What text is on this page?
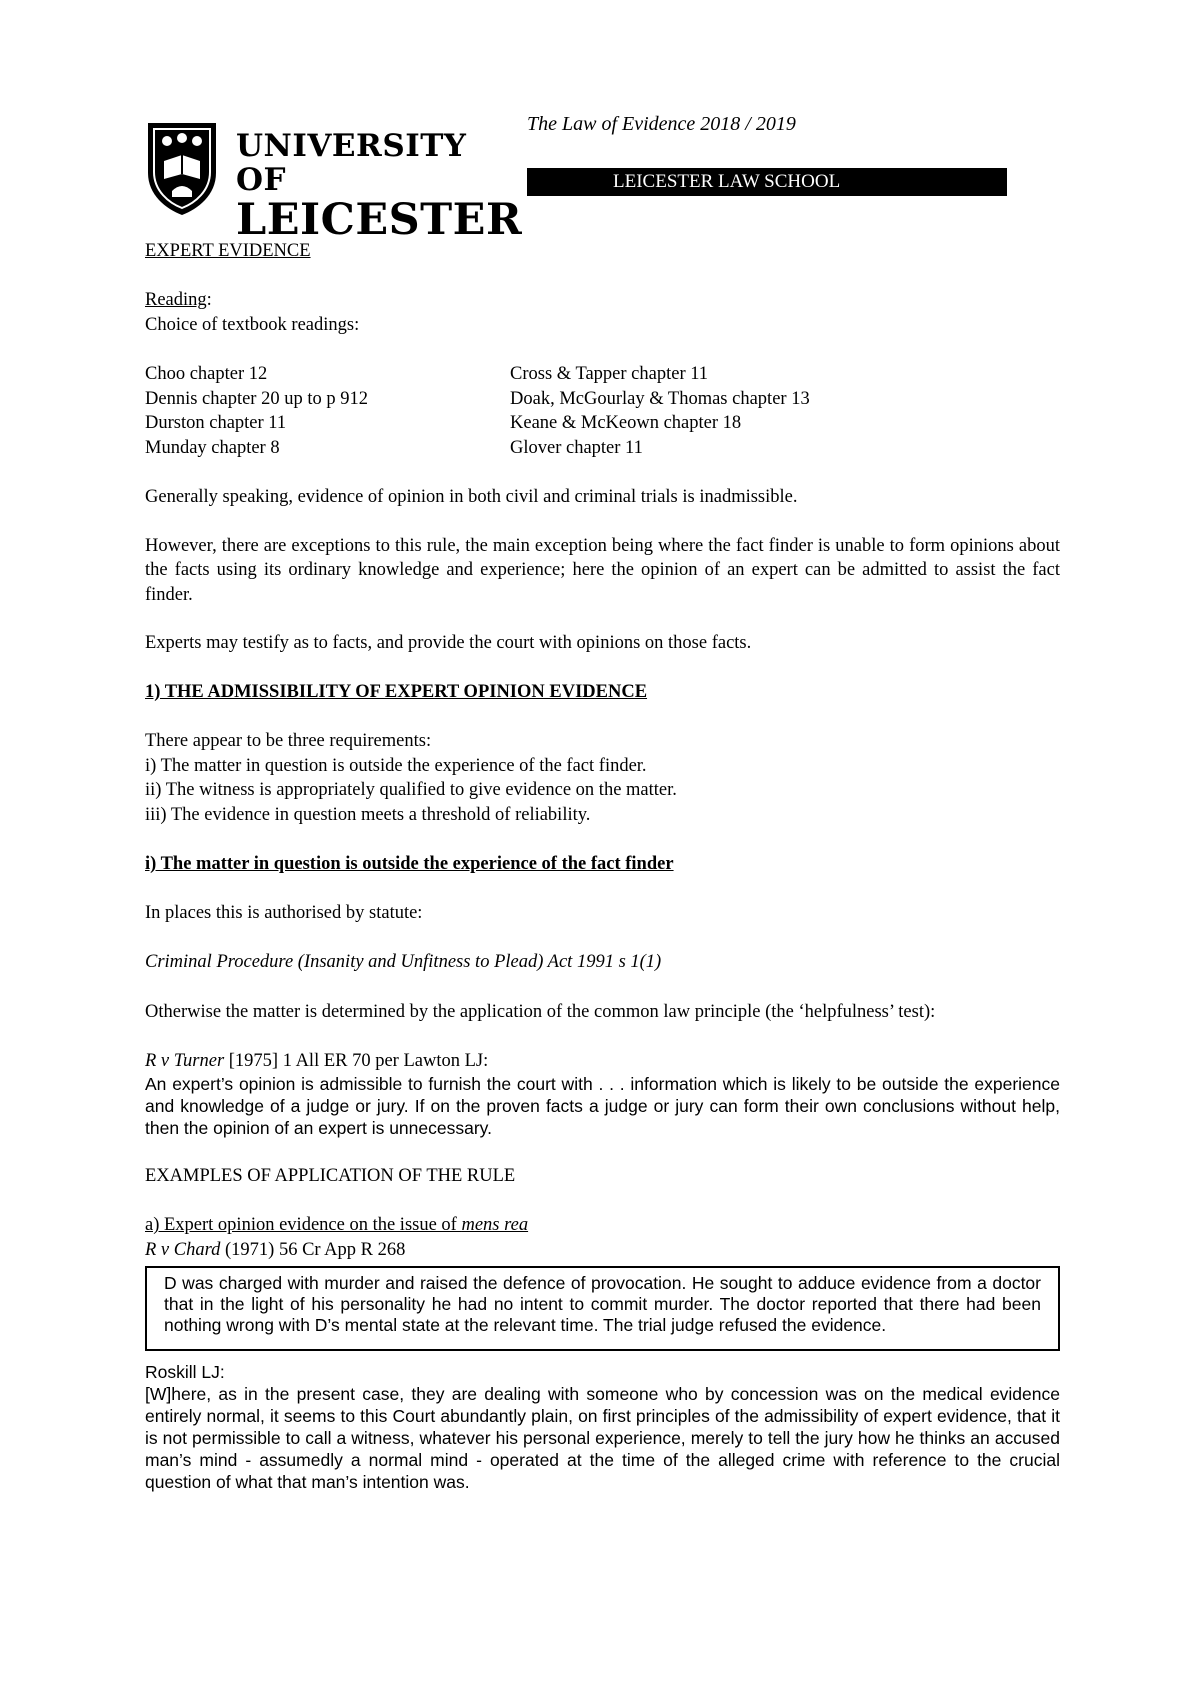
UNIVERSITY OF
LEICESTER
The Law of Evidence 2018 / 2019
LEICESTER LAW SCHOOL

EXPERT EVIDENCE

Reading:

Choice of textbook readings:

Choo chapter 12	Cross & Tapper chapter 11

Dennis chapter 20 up to p 912	Doak, McGourlay & Thomas chapter 13

Durston chapter 11	Keane & McKeown chapter 18

Munday chapter 8	Glover chapter 11

Generally speaking, evidence of opinion in both civil and criminal trials is inadmissible.

However, there are exceptions to this rule, the main exception being where the fact finder is unable to form opinions about the facts using its ordinary knowledge and experience; here the opinion of an expert can be admitted to assist the fact finder.

Experts may testify as to facts, and provide the court with opinions on those facts.

1) THE ADMISSIBILITY OF EXPERT OPINION EVIDENCE

There appear to be three requirements:

i) The matter in question is outside the experience of the fact finder.

ii) The witness is appropriately qualified to give evidence on the matter.

iii) The evidence in question meets a threshold of reliability.

i) The matter in question is outside the experience of the fact finder

In places this is authorised by statute:

Criminal Procedure (Insanity and Unfitness to Plead) Act 1991 s 1(1)

Otherwise the matter is determined by the application of the common law principle (the ‘helpfulness’ test):

R v Turner [1975] 1 All ER 70 per Lawton LJ:

An expert’s opinion is admissible to furnish the court with . . . information which is likely to be outside the experience and knowledge of a judge or jury. If on the proven facts a judge or jury can form their own conclusions without help, then the opinion of an expert is unnecessary.

EXAMPLES OF APPLICATION OF THE RULE

a) Expert opinion evidence on the issue of mens rea

R v Chard (1971) 56 Cr App R 268

D was charged with murder and raised the defence of provocation. He sought to adduce evidence from a doctor that in the light of his personality he had no intent to commit murder. The doctor reported that there had been nothing wrong with D’s mental state at the relevant time. The trial judge refused the evidence.

Roskill LJ:

[W]here, as in the present case, they are dealing with someone who by concession was on the medical evidence entirely normal, it seems to this Court abundantly plain, on first principles of the admissibility of expert evidence, that it is not permissible to call a witness, whatever his personal experience, merely to tell the jury how he thinks an accused man’s mind - assumedly a normal mind - operated at the time of the alleged crime with reference to the crucial question of what that man’s intention was.
